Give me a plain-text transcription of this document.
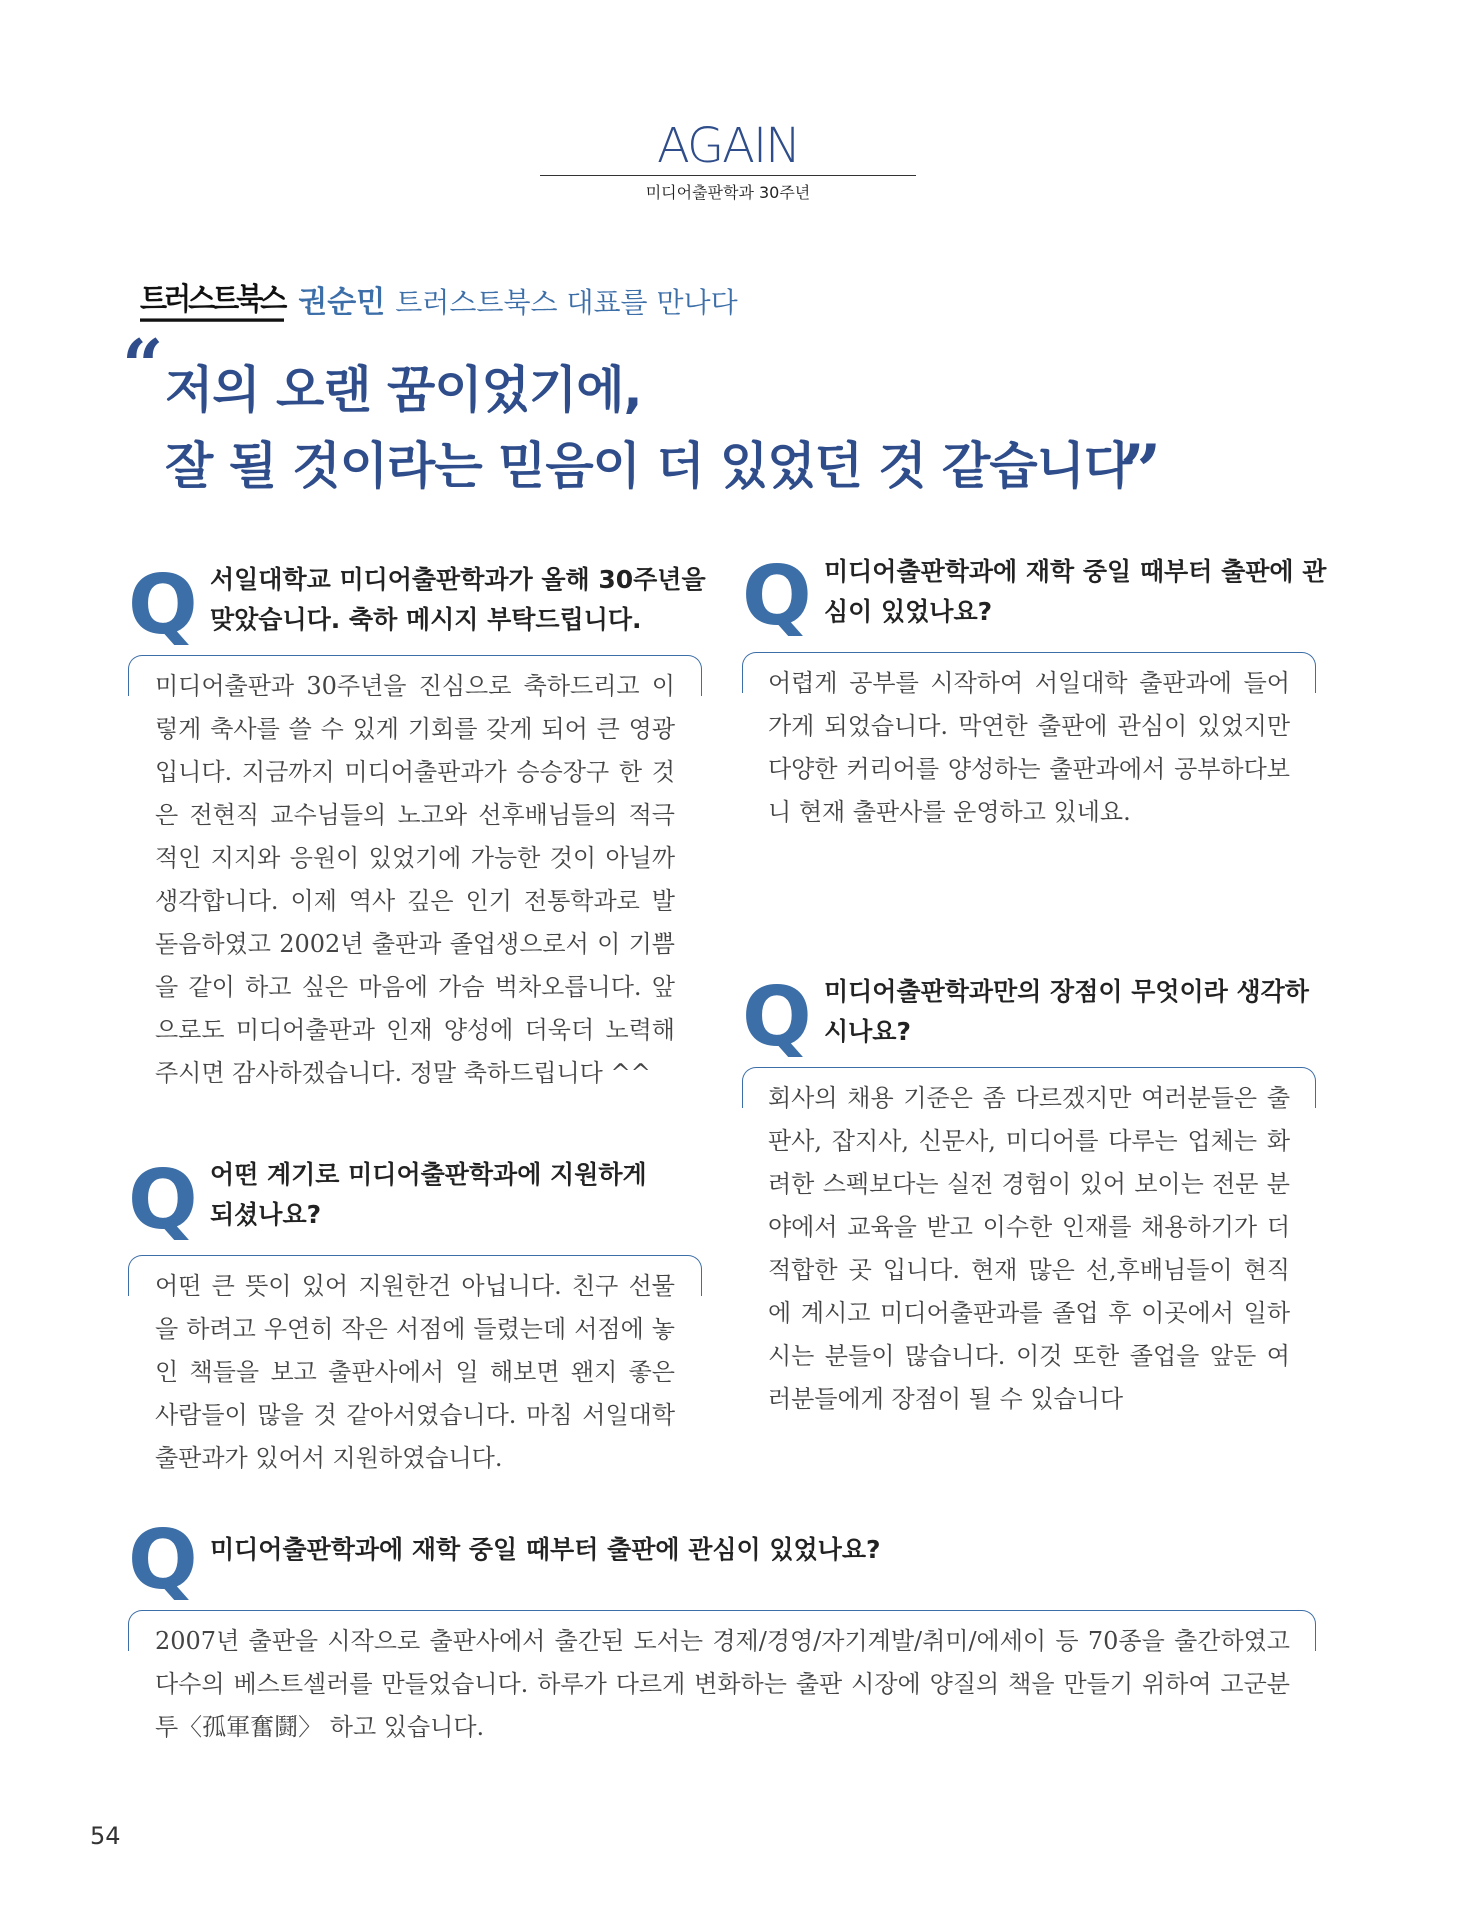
AGAIN
미디어출판학과 30주년
트러스트북스 권순민 트러스트북스 대표를 만나다
“ 저의 오랜 꿈이었기에,
잘 될 것이라는 믿음이 더 있었던 것 같습니다
”
Q 서일대학교 미디어출판학과가 올해 30주년을 맞았습니다. 축하 메시지 부탁드립니다.
미디어출판과 30주년을 진심으로 축하드리고 이렇게 축사를 쓸 수 있게 기회를 갖게 되어 큰 영광입니다. 지금까지 미디어출판과가 승승장구 한 것은 전현직 교수님들의 노고와 선후배님들의 적극적인 지지와 응원이 있었기에 가능한 것이 아닐까 생각합니다. 이제 역사 깊은 인기 전통학과로 발 돋음하였고 2002년 출판과 졸업생으로서 이 기쁨을 같이 하고 싶은 마음에 가슴 벅차오릅니다. 앞으로도 미디어출판과 인재 양성에 더욱더 노력해주시면 감사하겠습니다. 정말 축하드립니다 ^^
Q 어떤 계기로 미디어출판학과에 지원하게 되셨나요?
어떤 큰 뜻이 있어 지원한건 아닙니다. 친구 선물을 하려고 우연히 작은 서점에 들렸는데 서점에 놓인 책들을 보고 출판사에서 일 해보면 왠지 좋은 사람들이 많을 것 같아서였습니다. 마침 서일대학 출판과가 있어서 지원하였습니다.
Q 미디어출판학과에 재학 중일 때부터 출판에 관심이 있었나요?
어렵게 공부를 시작하여 서일대학 출판과에 들어가게 되었습니다. 막연한 출판에 관심이 있었지만 다양한 커리어를 양성하는 출판과에서 공부하다보니 현재 출판사를 운영하고 있네요.
Q 미디어출판학과만의 장점이 무엇이라 생각하시나요?
회사의 채용 기준은 좀 다르겠지만 여러분들은 출판사, 잡지사, 신문사, 미디어를 다루는 업체는 화려한 스펙보다는 실전 경험이 있어 보이는 전문 분야에서 교육을 받고 이수한 인재를 채용하기가 더 적합한 곳 입니다. 현재 많은 선,후배님들이 현직에 계시고 미디어출판과를 졸업 후 이곳에서 일하시는 분들이 많습니다. 이것 또한 졸업을 앞둔 여러분들에게 장점이 될 수 있습니다
Q 미디어출판학과에 재학 중일 때부터 출판에 관심이 있었나요?
2007년 출판을 시작으로 출판사에서 출간된 도서는 경제/경영/자기계발/취미/에세이 등 70종을 출간하였고 다수의 베스트셀러를 만들었습니다. 하루가 다르게 변화하는 출판 시장에 양질의 책을 만들기 위하여 고군분투〈孤軍奮鬪〉 하고 있습니다.
54
